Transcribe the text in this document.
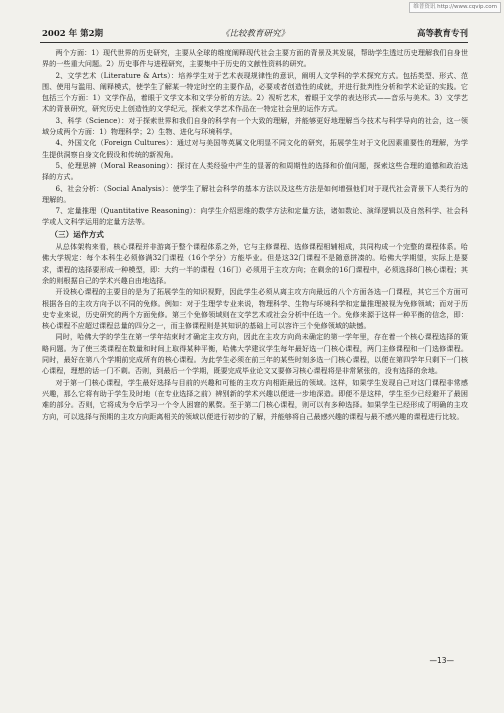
维普资讯 http://www.cqvip.com
2002 年 第2期	《比较教育研究》	高等教育专刊

两个方面：1）现代世界的历史研究，主要从全球的维度阐释现代社会主要方面的背景及其发展，帮助学生透过历史理解我们自身世界的一些重大问题。2）历史事件与进程研究，主要集中于历史的文献性资料的研究。

2、文学艺术（Literature & Arts）：培养学生对于艺术表现规律性的意识，阐明人文学科的学术探究方式。包括类型、形式、范围、使用与滥用、阐释模式，使学生了解某一特定时空的主要作品，必要或者创造性的成就，并进行批判性分析和学术论证的实践。它包括三个方面：1）文学作品，着眼于文学文本和文学分析的方法。2）视听艺术，着眼于文学的表达形式——音乐与美术。3）文学艺术的背景研究，研究历史上创造性的文学纪元，探索文学艺术作品在一特定社会里的运作方式。

3、科学（Science）：对于探索世界和我们自身的科学有一个大致的理解，并能够更好地理解当今技术与科学导向的社会，这一领域分成两个方面：1）物理科学；2）生物、进化与环境科学。

4、外国文化（Foreign Cultures）：通过对与美国等英属文化明显不同文化的研究，拓展学生对于文化因素重要性的理解，为学生提供洞察自身文化假设和传统的新视角。

5、伦理思辨（Moral Reasoning）：探讨在人类经验中产生的显著的和周期性的选择和价值问题，探索这些合理的道德和政治选择的方式。

6、社会分析：（Social Analysis）：使学生了解社会科学的基本方法以及这些方法是如何增强他们对于现代社会背景下人类行为的理解的。

7、定量推理（Quantitative Reasoning）：向学生介绍思维的数学方法和定量方法，诸如数论、演绎逻辑以及自然科学、社会科学或人文科学运用的定量方法等。

（三）运作方式

从总体架构来看，核心课程并非游离于整个课程体系之外，它与主修课程、选修课程相辅相成，共同构成一个完整的课程体系。哈佛大学规定：每个本科生必须修满32门课程（16个学分）方能毕业。但是这32门课程不是随意拼凑的。哈佛大学期望，实际上是要求，课程的选择要形成一种模型，即：大约一半的课程（16门）必须用于主攻方向；在剩余的16门课程中，必须选择8门核心课程；其余的则根据自己的学术兴趣自由地选择。

开设核心课程的主要目的是为了拓展学生的知识视野，因此学生必须从离主攻方向最远的八个方面各选一门课程，其它三个方面可根据各自的主攻方向予以不同的免修。例如：对于生理学专业来说，物理科学、生物与环境科学和定量推理被视为免修领域；而对于历史专业来说，历史研究的两个方面免修。第三个免修领域则在文学艺术或社会分析中任选一个。免修来源于这样一种平衡的信念，即：核心课程不应超过课程总量的四分之一，而主修课程则是其知识的基础上可以容许三个免修领域的缺憾。

同时，哈佛大学的学生在第一学年结束时才确定主攻方向，因此在主攻方向尚未确定的第一学年里，存在着一个核心课程选择的策略问题。为了使三类课程在数量和时间上取得某种平衡，哈佛大学建议学生每年最好选一门核心课程，两门主修课程和一门选修课程。同时，最好在第八个学期前完成所有的核心课程。为此学生必须在前三年的某些时刻多选一门核心课程，以便在第四学年只剩下一门核心课程，理想的话一门不剩。否则，到最后一个学期，既要完成毕业论文又要修习核心课程将是非常紧张的，没有选择的余地。

对于第一门核心课程，学生最好选择与目前的兴趣和可能的主攻方向相距最远的领域。这样，如果学生发现自己对这门课程非常感兴趣，那么它将有助于学生及时地（在专业选择之前）辨别新的学术兴趣以便进一步地深造。即便不是这样，学生至少已经避开了最困难的部分。否则，它将成为令后学习一个令人困窘的累赘。至于第二门核心课程，则可以有多种选择。如果学生已经形成了明确的主攻方向，可以选择与预期的主攻方向距离相关的领域以便进行初步的了解，并能够将自己最感兴趣的课程与最不感兴趣的课程进行比较。

—13—
